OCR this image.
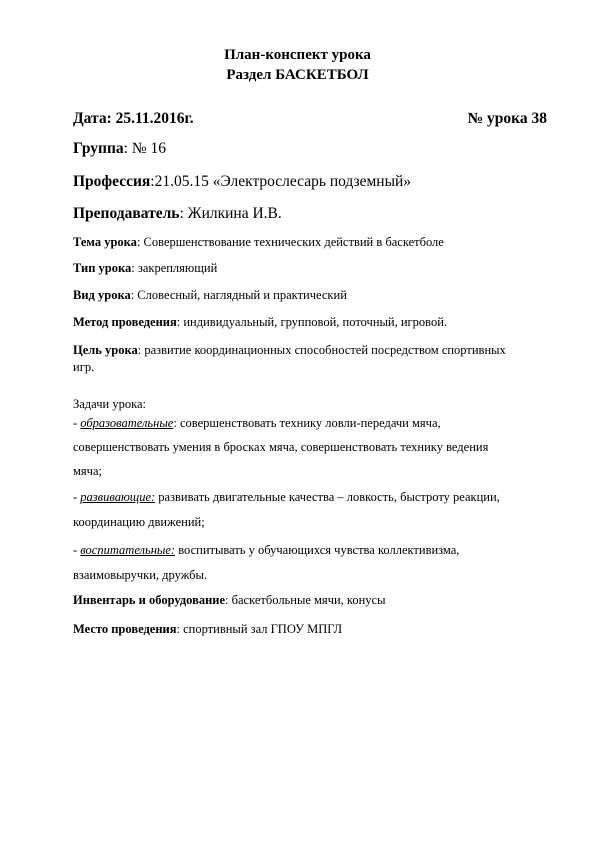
План-конспект урока
Раздел БАСКЕТБОЛ
Дата: 25.11.2016г.	№ урока 38
Группа: № 16
Профессия:21.05.15 «Электрослесарь подземный»
Преподаватель: Жилкина И.В.
Тема урока: Совершенствование технических действий в баскетболе
Тип урока: закрепляющий
Вид урока: Словесный, наглядный и практический
Метод проведения: индивидуальный, групповой, поточный, игровой.
Цель урока: развитие координационных способностей посредством спортивных
игр.
Задачи урока:
- образовательные: совершенствовать технику ловли-передачи мяча,
совершенствовать умения в бросках мяча, совершенствовать технику ведения
мяча;
- развивающие: развивать двигательные качества – ловкость, быстроту реакции,
координацию движений;
- воспитательные: воспитывать у обучающихся чувства коллективизма,
взаимовыручки, дружбы.
Инвентарь и оборудование: баскетбольные мячи, конусы
Место проведения: спортивный зал ГПОУ МПГЛ
